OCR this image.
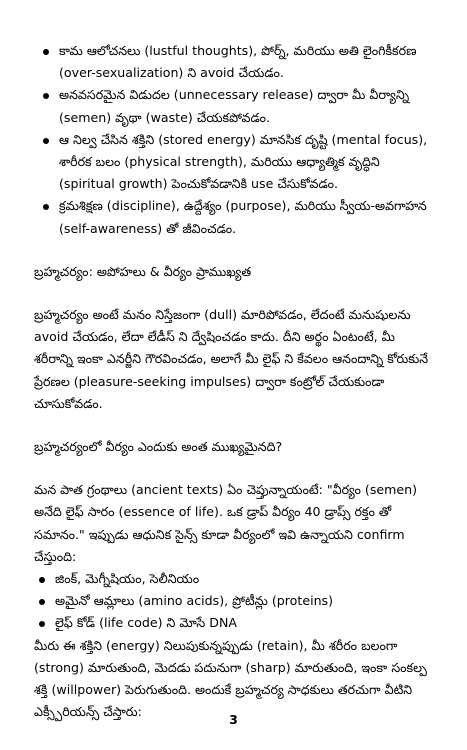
కామ ఆలోచనలు (lustful thoughts), పోర్న్, మరియు అతి లైంగికీకరణ (over-sexualization) ని avoid చేయడం.
అనవసరమైన విడుదల (unnecessary release) ద్వారా మీ వీర్యాన్ని (semen) వృథా (waste) చేయకపోవడం.
ఆ నిల్వ చేసిన శక్తిని (stored energy) మానసిక దృష్టి (mental focus), శారీరక బలం (physical strength), మరియు ఆధ్యాత్మిక వృద్ధిని (spiritual growth) పెంచుకోవడానికి use చేసుకోవడం.
క్రమశిక్షణ (discipline), ఉద్దేశ్యం (purpose), మరియు స్వీయ-అవగాహన (self-awareness) తో జీవించడం.

బ్రహ్మచర్యం: అపోహలు & వీర్యం ప్రాముఖ్యత

బ్రహ్మచర్యం అంటే మనం నిస్తేజంగా (dull) మారిపోవడం, లేదంటే మనుషులను avoid చేయడం, లేదా లేడీస్ ని ద్వేషించడం కాదు. దీని అర్థం ఏంటంటే, మీ శరీరాన్ని ఇంకా ఎనర్జీని గౌరవించడం, అలాగే మీ లైఫ్ ని కేవలం ఆనందాన్ని కోరుకునే ప్రేరణల (pleasure-seeking impulses) ద్వారా కంట్రోల్ చేయకుండా చూసుకోవడం.

బ్రహ్మచర్యంలో వీర్యం ఎందుకు అంత ముఖ్యమైనది?

మన పాత గ్రంథాలు (ancient texts) ఏం చెప్తున్నాయంటే: "వీర్యం (semen) అనేది లైఫ్ సారం (essence of life). ఒక డ్రాప్ వీర్యం 40 డ్రాప్స్ రక్తం తో సమానం." ఇప్పుడు ఆధునిక సైన్స్ కూడా వీర్యంలో ఇవి ఉన్నాయని confirm చేస్తుంది:

జింక్, మెగ్నీషియం, సెలీనియం
అమైనో ఆమ్లాలు (amino acids), ప్రోటీన్లు (proteins)
లైఫ్ కోడ్ (life code) ని మోసే DNA

మీరు ఈ శక్తిని (energy) నిలుపుకున్నప్పుడు (retain), మీ శరీరం బలంగా (strong) మారుతుంది, మెదడు పదునుగా (sharp) మారుతుంది, ఇంకా సంకల్ప శక్తి (willpower) పెరుగుతుంది. అందుకే బ్రహ్మచర్య సాధకులు తరచుగా వీటిని ఎక్స్పీరియన్స్ చేస్తారు:

3
